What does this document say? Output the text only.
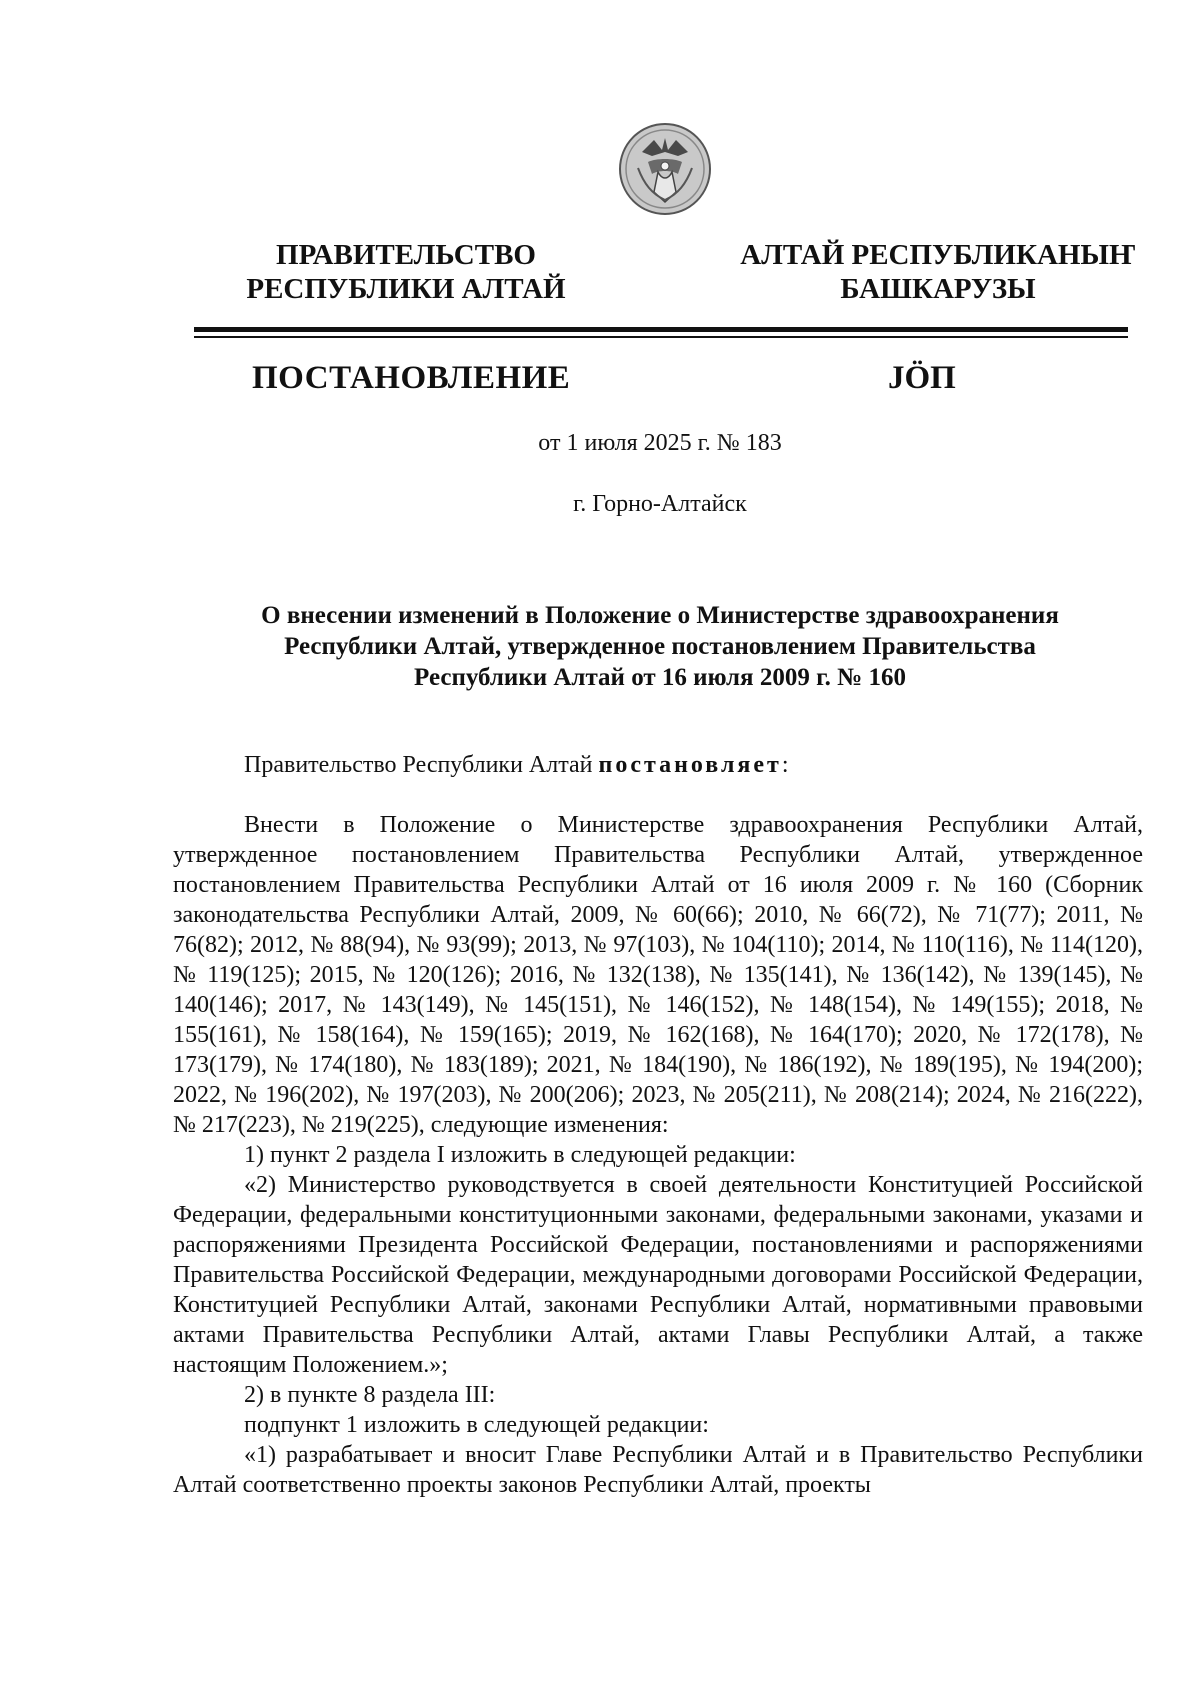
ПРАВИТЕЛЬСТВО
РЕСПУБЛИКИ АЛТАЙ
АЛТАЙ РЕСПУБЛИКАНЫҤ
БАШКАРУЗЫ
ПОСТАНОВЛЕНИЕ	JӦП
от 1 июля 2025 г. № 183
г. Горно-Алтайск
О внесении изменений в Положение о Министерстве здравоохранения
Республики Алтай, утвержденное постановлением Правительства
Республики Алтай от 16 июля 2009 г. № 160

Правительство Республики Алтай постановляет:

Внести в Положение о Министерстве здравоохранения Республики Алтай, утвержденное постановлением Правительства Республики Алтай, утвержденное постановлением Правительства Республики Алтай от 16 июля 2009 г. № 160 (Сборник законодательства Республики Алтай, 2009, № 60(66); 2010, № 66(72), № 71(77); 2011, № 76(82); 2012, № 88(94), № 93(99); 2013, № 97(103), № 104(110); 2014, № 110(116), № 114(120), № 119(125); 2015, № 120(126); 2016, № 132(138), № 135(141), № 136(142), № 139(145), № 140(146); 2017, № 143(149), № 145(151), № 146(152), № 148(154), № 149(155); 2018, № 155(161), № 158(164), № 159(165); 2019, № 162(168), № 164(170); 2020, № 172(178), № 173(179), № 174(180), № 183(189); 2021, № 184(190), № 186(192), № 189(195), № 194(200); 2022, № 196(202), № 197(203), № 200(206); 2023, № 205(211), № 208(214); 2024, № 216(222), № 217(223), № 219(225), следующие изменения:

1) пункт 2 раздела I изложить в следующей редакции:

«2) Министерство руководствуется в своей деятельности Конституцией Российской Федерации, федеральными конституционными законами, федеральными законами, указами и распоряжениями Президента Российской Федерации, постановлениями и распоряжениями Правительства Российской Федерации, международными договорами Российской Федерации, Конституцией Республики Алтай, законами Республики Алтай, нормативными правовыми актами Правительства Республики Алтай, актами Главы Республики Алтай, а также настоящим Положением.»;

2) в пункте 8 раздела III:

подпункт 1 изложить в следующей редакции:

«1) разрабатывает и вносит Главе Республики Алтай и в Правительство Республики Алтай соответственно проекты законов Республики Алтай, проекты
